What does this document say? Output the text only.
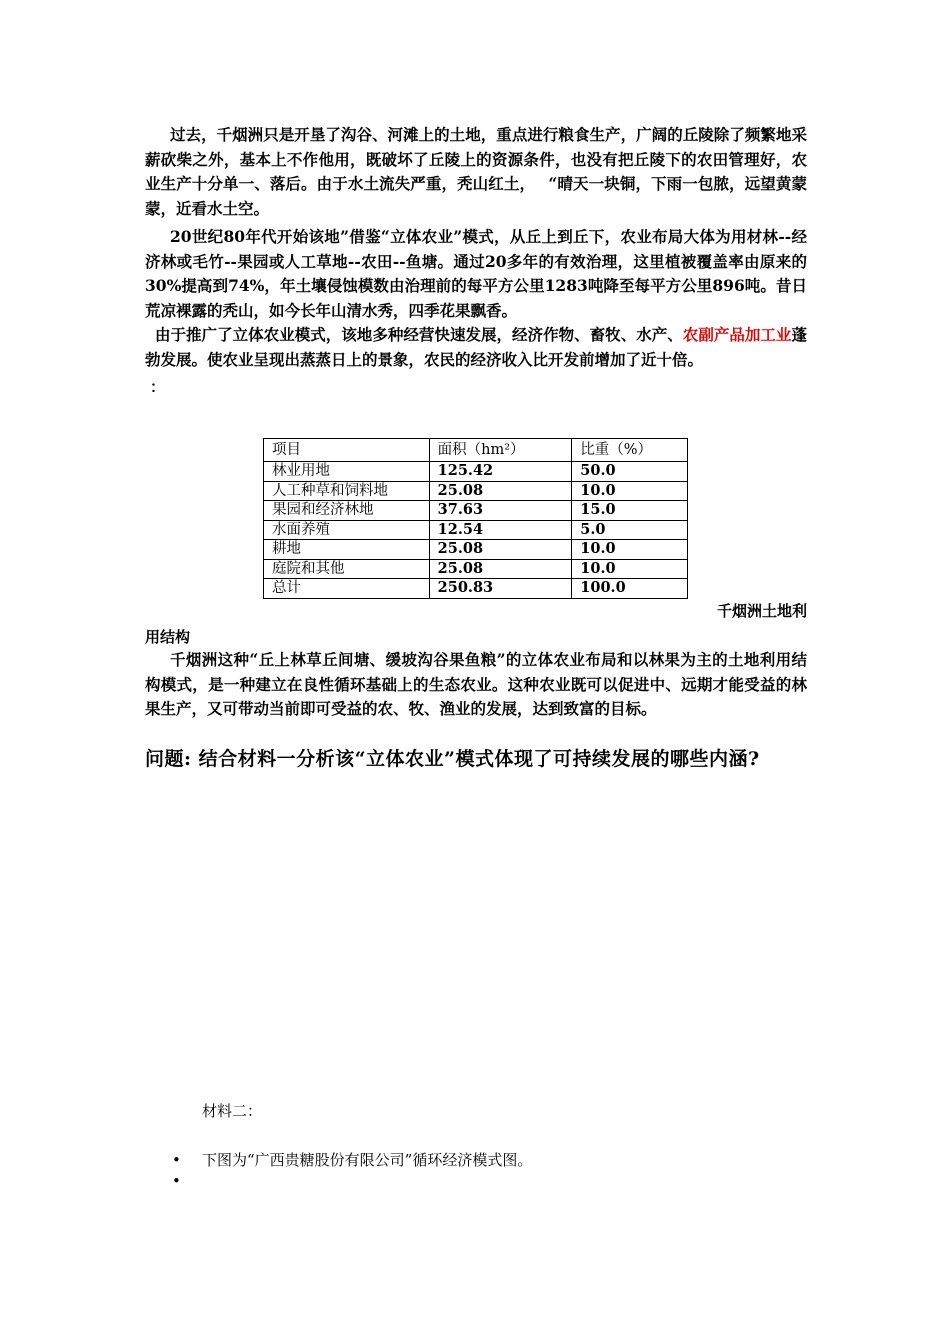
过去，千烟洲只是开垦了沟谷、河滩上的土地，重点进行粮食生产，广阔的丘陵除了频繁地采薪砍柴之外，基本上不作他用，既破坏了丘陵上的资源条件，也没有把丘陵下的农田管理好，农业生产十分单一、落后。由于水土流失严重，秃山红土，　 “晴天一块铜，下雨一包脓，远望黄蒙蒙，近看水土空。

20世纪80年代开始该地”借鉴“立体农业”模式，从丘上到丘下，农业布局大体为用材林--经济林或毛竹--果园或人工草地--农田--鱼塘。通过20多年的有效治理，这里植被覆盖率由原来的30%提高到74%，年土壤侵蚀模数由治理前的每平方公里1283吨降至每平方公里896吨。昔日荒凉裸露的秃山，如今长年山清水秀，四季花果飘香。

由于推广了立体农业模式，该地多种经营快速发展，经济作物、畜牧、水产、农副产品加工业蓬勃发展。使农业呈现出蒸蒸日上的景象，农民的经济收入比开发前增加了近十倍。

：
项目	面积（hm²）	比重（%）
林业用地	125.42	50.0
人工种草和饲料地	25.08	10.0
果园和经济林地	37.63	15.0
水面养殖	12.54	5.0
耕地	25.08	10.0
庭院和其他	25.08	10.0
总计	250.83	100.0
千烟洲土地利
用结构

千烟洲这种“丘上林草丘间塘、缓坡沟谷果鱼粮”的立体农业布局和以林果为主的土地利用结构模式，是一种建立在良性循环基础上的生态农业。这种农业既可以促进中、远期才能受益的林果生产，又可带动当前即可受益的农、牧、渔业的发展，达到致富的目标。

问题: 结合材料一分析该“立体农业”模式体现了可持续发展的哪些内涵?

材料二：
• 下图为“广西贵糖股份有限公司”循环经济模式图。
•
